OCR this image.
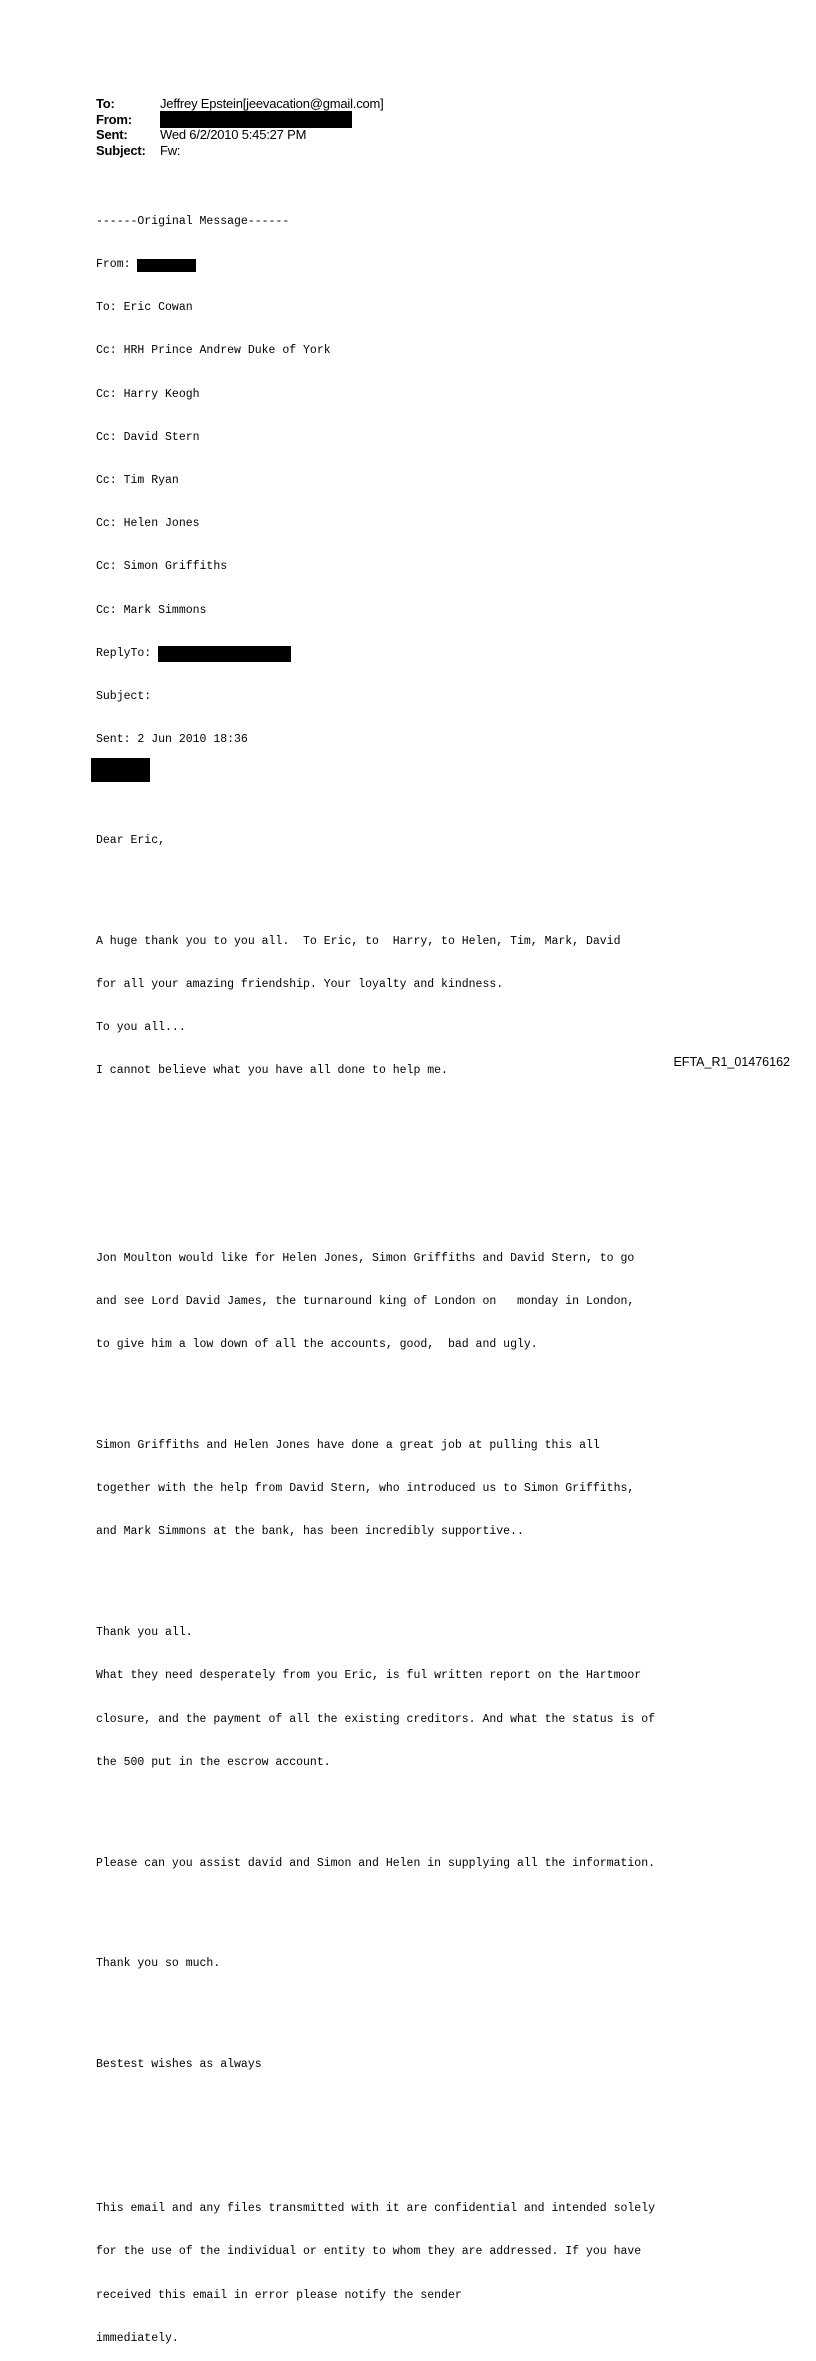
To:	Jeffrey Epstein[jeevacation@gmail.com]
From:
Sent: Wed 6/2/2010 5:45:27 PM
Subject: Fw:

------Original Message------

From:

To: Eric Cowan

Cc: HRH Prince Andrew Duke of York

Cc: Harry Keogh

Cc: David Stern

Cc: Tim Ryan

Cc: Helen Jones

Cc: Simon Griffiths

Cc: Mark Simmons

ReplyTo:

Subject:

Sent: 2 Jun 2010 18:36

Dear Eric,

A huge thank you to you all.  To Eric, to  Harry, to Helen, Tim, Mark, David

for all your amazing friendship. Your loyalty and kindness.

To you all...

I cannot believe what you have all done to help me.

Jon Moulton would like for Helen Jones, Simon Griffiths and David Stern, to go

and see Lord David James, the turnaround king of London on   monday in London,

to give him a low down of all the accounts, good,  bad and ugly.

Simon Griffiths and Helen Jones have done a great job at pulling this all

together with the help from David Stern, who introduced us to Simon Griffiths,

and Mark Simmons at the bank, has been incredibly supportive..

Thank you all.

What they need desperately from you Eric, is ful written report on the Hartmoor

closure, and the payment of all the existing creditors. And what the status is of

the 500 put in the escrow account.

Please can you assist david and Simon and Helen in supplying all the information.

Thank you so much.

Bestest wishes as always

This email and any files transmitted with it are confidential and intended solely

for the use of the individual or entity to whom they are addressed. If you have

received this email in error please notify the sender

immediately.

EFTA_R1_01476162
